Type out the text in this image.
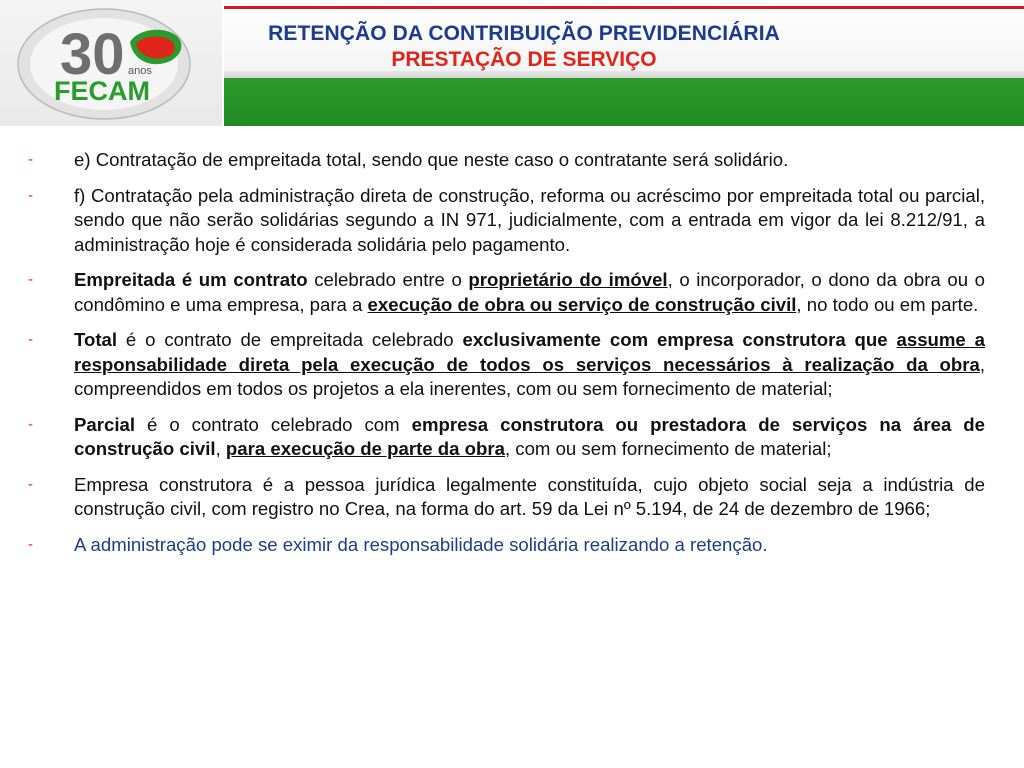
30 anos
FECAM
RETENÇÃO DA CONTRIBUIÇÃO PREVIDENCIÁRIA
PRESTAÇÃO DE SERVIÇO
- e) Contratação de empreitada total, sendo que neste caso o contratante será solidário.

- f) Contratação pela administração direta de construção, reforma ou acréscimo por empreitada total ou parcial, sendo que não serão solidárias segundo a IN 971, judicialmente, com a entrada em vigor da lei 8.212/91, a administração hoje é considerada solidária pelo pagamento.

- Empreitada é um contrato celebrado entre o proprietário do imóvel, o incorporador, o dono da obra ou o condômino e uma empresa, para a execução de obra ou serviço de construção civil, no todo ou em parte.

- Total é o contrato de empreitada celebrado exclusivamente com empresa construtora que assume a responsabilidade direta pela execução de todos os serviços necessários à realização da obra, compreendidos em todos os projetos a ela inerentes, com ou sem fornecimento de material;

- Parcial é o contrato celebrado com empresa construtora ou prestadora de serviços na área de construção civil, para execução de parte da obra, com ou sem fornecimento de material;

- Empresa construtora é a pessoa jurídica legalmente constituída, cujo objeto social seja a indústria de construção civil, com registro no Crea, na forma do art. 59 da Lei nº 5.194, de 24 de dezembro de 1966;

- A administração pode se eximir da responsabilidade solidária realizando a retenção.
